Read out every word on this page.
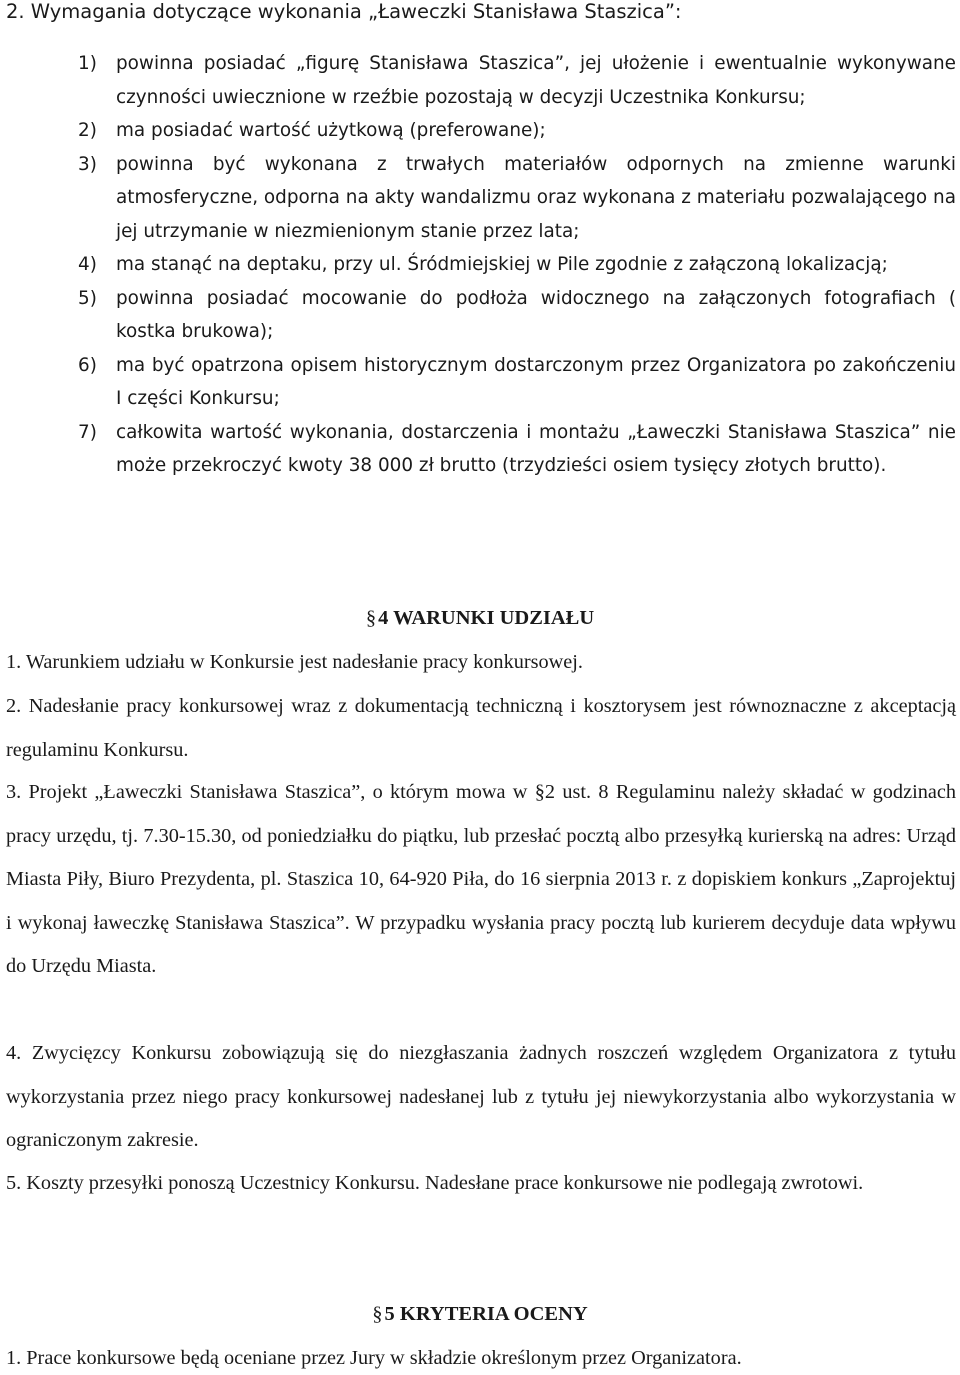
2. Wymagania dotyczące wykonania „Ławeczki Stanisława Staszica”:
1) powinna posiadać „figurę Stanisława Staszica”, jej ułożenie i ewentualnie wykonywane czynności uwiecznione w rzeźbie pozostają w decyzji Uczestnika Konkursu;
2) ma posiadać wartość użytkową (preferowane);
3) powinna być wykonana z trwałych materiałów odpornych na zmienne warunki atmosferyczne, odporna na akty wandalizmu oraz wykonana z materiału pozwalającego na jej utrzymanie w niezmienionym stanie przez lata;
4) ma stanąć na deptaku, przy ul. Śródmiejskiej w Pile zgodnie z załączoną lokalizacją;
5) powinna posiadać mocowanie do podłoża widocznego na załączonych fotografiach ( kostka brukowa);
6) ma być opatrzona opisem historycznym dostarczonym przez Organizatora po zakończeniu I części Konkursu;
7) całkowita wartość wykonania, dostarczenia i montażu „Ławeczki Stanisława Staszica” nie może przekroczyć kwoty 38 000 zł brutto (trzydzieści osiem tysięcy złotych brutto).
§4 WARUNKI UDZIAŁU

1. Warunkiem udziału w Konkursie jest nadesłanie pracy konkursowej.

2. Nadesłanie pracy konkursowej wraz z dokumentacją techniczną i kosztorysem jest równoznaczne z akceptacją regulaminu Konkursu.

3. Projekt „Ławeczki Stanisława Staszica”, o którym mowa w §2 ust. 8 Regulaminu należy składać w godzinach pracy urzędu, tj. 7.30-15.30, od poniedziałku do piątku, lub przesłać pocztą albo przesyłką kurierską na adres: Urząd Miasta Piły, Biuro Prezydenta, pl. Staszica 10, 64-920 Piła, do 16 sierpnia 2013 r. z dopiskiem konkurs „Zaprojektuj i wykonaj ławeczkę Stanisława Staszica”. W przypadku wysłania pracy pocztą lub kurierem decyduje data wpływu do Urzędu Miasta.

4. Zwycięzcy Konkursu zobowiązują się do niezgłaszania żadnych roszczeń względem Organizatora z tytułu wykorzystania przez niego pracy konkursowej nadesłanej lub z tytułu jej niewykorzystania albo wykorzystania w ograniczonym zakresie.

5. Koszty przesyłki ponoszą Uczestnicy Konkursu. Nadesłane prace konkursowe nie podlegają zwrotowi.

§5 KRYTERIA OCENY

1. Prace konkursowe będą oceniane przez Jury w składzie określonym przez Organizatora.
